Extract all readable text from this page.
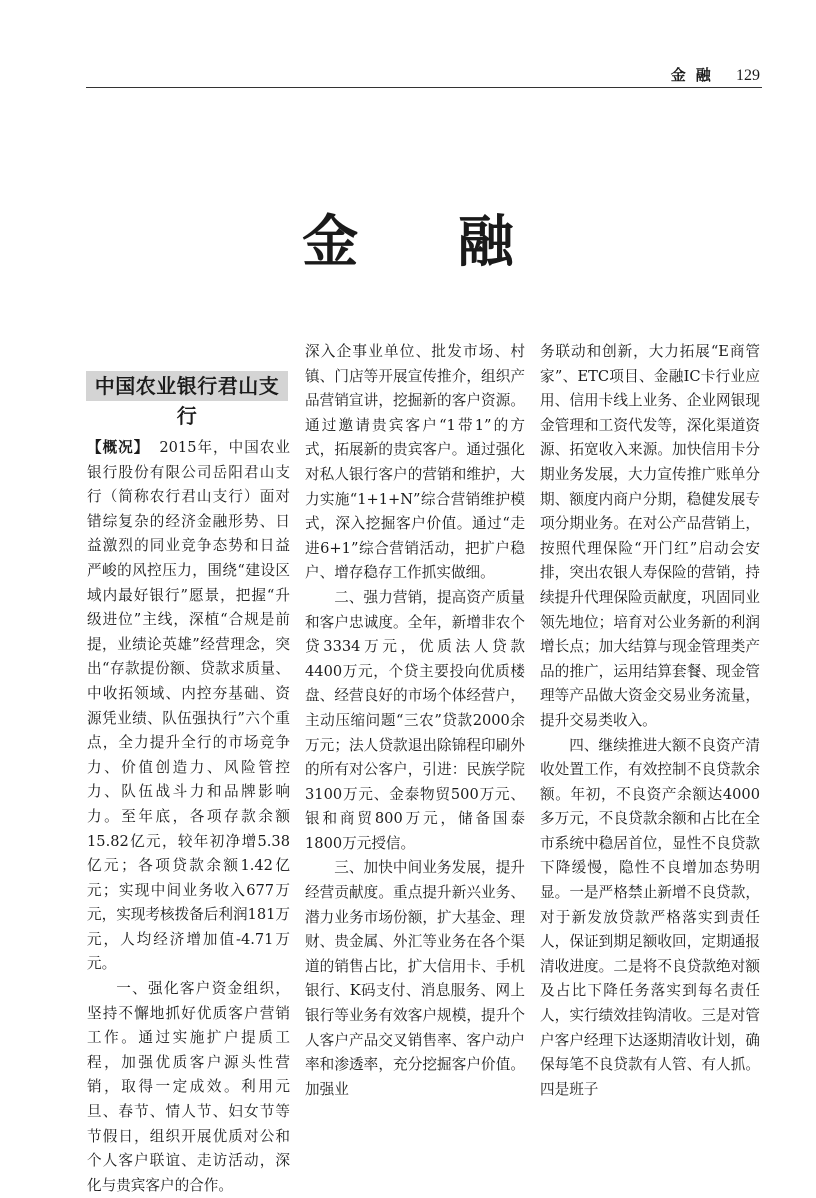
金融 129
金 融
中国农业银行君山支行

【概况】 2015年，中国农业银行股份有限公司岳阳君山支行（简称农行君山支行）面对错综复杂的经济金融形势、日益激烈的同业竞争态势和日益严峻的风控压力，围绕“建设区域内最好银行”愿景，把握“升级进位”主线，深植“合规是前提，业绩论英雄”经营理念，突出“存款提份额、贷款求质量、中收拓领域、内控夯基础、资源凭业绩、队伍强执行”六个重点，全力提升全行的市场竞争力、价值创造力、风险管控力、队伍战斗力和品牌影响力。至年底，各项存款余额15.82亿元，较年初净增5.38亿元；各项贷款余额1.42亿元；实现中间业务收入677万元，实现考核拨备后利润181万元，人均经济增加值-4.71万元。

一、强化客户资金组织，坚持不懈地抓好优质客户营销工作。通过实施扩户提质工程，加强优质客户源头性营销，取得一定成效。利用元旦、春节、情人节、妇女节等节假日，组织开展优质对公和个人客户联谊、走访活动，深化与贵宾客户的合作。

深入企事业单位、批发市场、村镇、门店等开展宣传推介，组织产品营销宣讲，挖掘新的客户资源。通过邀请贵宾客户“1带1”的方式，拓展新的贵宾客户。通过强化对私人银行客户的营销和维护，大力实施“1+1+N”综合营销维护模式，深入挖掘客户价值。通过“走进6+1”综合营销活动，把扩户稳户、增存稳存工作抓实做细。

二、强力营销，提高资产质量和客户忠诚度。全年，新增非农个贷3334万元，优质法人贷款4400万元，个贷主要投向优质楼盘、经营良好的市场个体经营户，主动压缩问题“三农”贷款2000余万元；法人贷款退出除锦程印刷外的所有对公客户，引进：民族学院3100万元、金泰物贸500万元、银和商贸800万元，储备国泰1800万元授信。

三、加快中间业务发展，提升经营贡献度。重点提升新兴业务、潜力业务市场份额，扩大基金、理财、贵金属、外汇等业务在各个渠道的销售占比，扩大信用卡、手机银行、K码支付、消息服务、网上银行等业务有效客户规模，提升个人客户产品交叉销售率、客户动户率和渗透率，充分挖掘客户价值。加强业

务联动和创新，大力拓展“E商管家”、ETC项目、金融IC卡行业应用、信用卡线上业务、企业网银现金管理和工资代发等，深化渠道资源、拓宽收入来源。加快信用卡分期业务发展，大力宣传推广账单分期、额度内商户分期，稳健发展专项分期业务。在对公产品营销上，按照代理保险“开门红”启动会安排，突出农银人寿保险的营销，持续提升代理保险贡献度，巩固同业领先地位；培育对公业务新的利润增长点；加大结算与现金管理类产品的推广，运用结算套餐、现金管理等产品做大资金交易业务流量，提升交易类收入。

四、继续推进大额不良资产清收处置工作，有效控制不良贷款余额。年初，不良资产余额达4000多万元，不良贷款余额和占比在全市系统中稳居首位，显性不良贷款下降缓慢，隐性不良增加态势明显。一是严格禁止新增不良贷款，对于新发放贷款严格落实到责任人，保证到期足额收回，定期通报清收进度。二是将不良贷款绝对额及占比下降任务落实到每名责任人，实行绩效挂钩清收。三是对管户客户经理下达逐期清收计划，确保每笔不良贷款有人管、有人抓。四是班子
